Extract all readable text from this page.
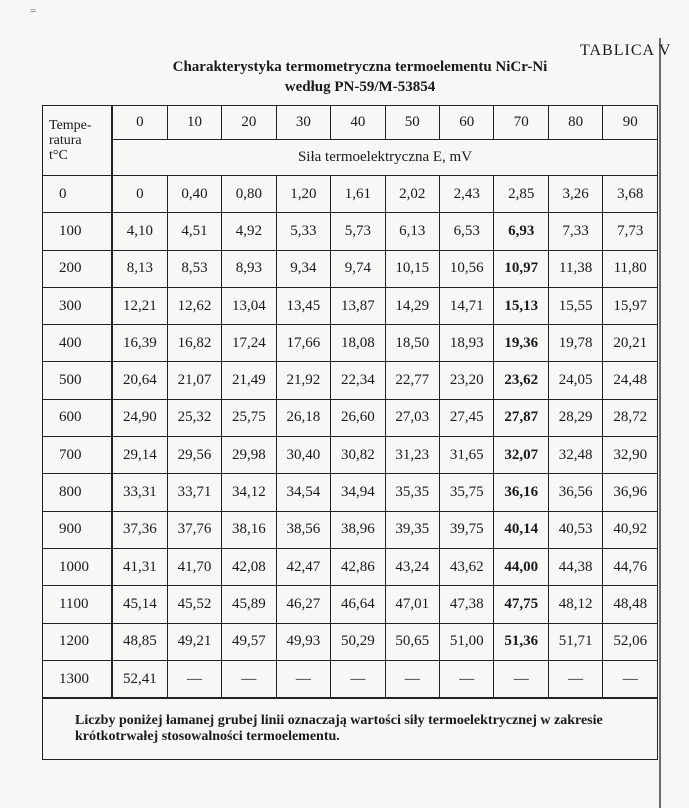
=
TABLICA V
Charakterystyka termometryczna termoelementu NiCr-Ni
według PN-59/M-53854
Tempe-
ratura
t°C	0	10	20	30	40	50	60	70	80	90
	Siła termoelektryczna E, mV									
0	0	0,40	0,80	1,20	1,61	2,02	2,43	2,85	3,26	3,68
100	4,10	4,51	4,92	5,33	5,73	6,13	6,53	6,93	7,33	7,73
200	8,13	8,53	8,93	9,34	9,74	10,15	10,56	10,97	11,38	11,80
300	12,21	12,62	13,04	13,45	13,87	14,29	14,71	15,13	15,55	15,97
400	16,39	16,82	17,24	17,66	18,08	18,50	18,93	19,36	19,78	20,21
500	20,64	21,07	21,49	21,92	22,34	22,77	23,20	23,62	24,05	24,48
600	24,90	25,32	25,75	26,18	26,60	27,03	27,45	27,87	28,29	28,72
700	29,14	29,56	29,98	30,40	30,82	31,23	31,65	32,07	32,48	32,90
800	33,31	33,71	34,12	34,54	34,94	35,35	35,75	36,16	36,56	36,96
900	37,36	37,76	38,16	38,56	38,96	39,35	39,75	40,14	40,53	40,92
1000	41,31	41,70	42,08	42,47	42,86	43,24	43,62	44,00	44,38	44,76
1100	45,14	45,52	45,89	46,27	46,64	47,01	47,38	47,75	48,12	48,48
1200	48,85	49,21	49,57	49,93	50,29	50,65	51,00	51,36	51,71	52,06
1300	52,41	—	—	—	—	—	—	—	—	—
Liczby poniżej łamanej grubej linii oznaczają wartości siły termoelektrycznej w zakresie krótkotrwałej stosowalności termoelementu.										
